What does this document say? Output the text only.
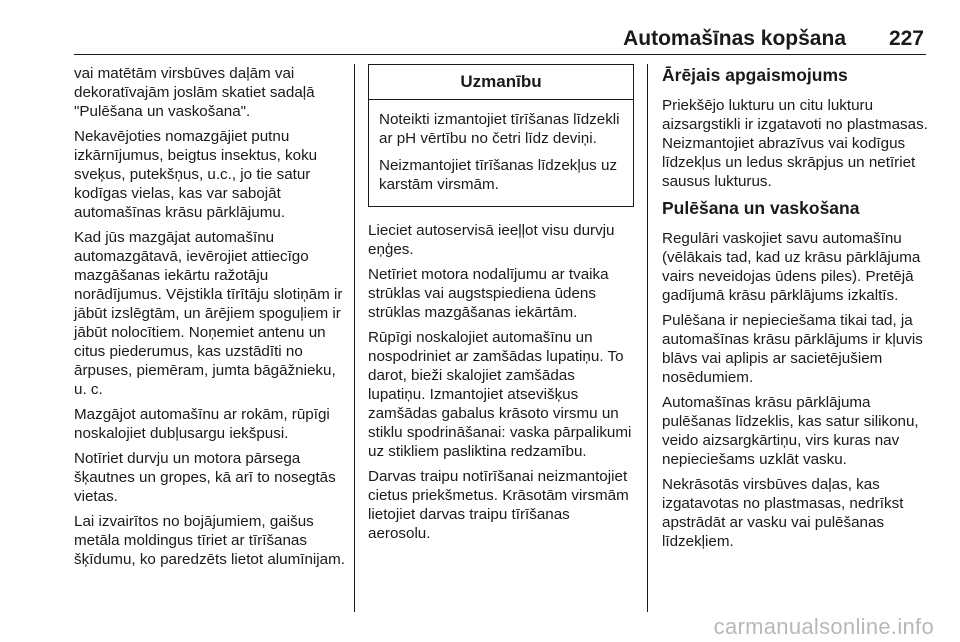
Automašīnas kopšana 227

vai matētām virsbūves daļām vai dekoratīvajām joslām skatiet sadaļā "Pulēšana un vaskošana".

Nekavējoties nomazgājiet putnu izkārnījumus, beigtus insektus, koku sveķus, putekšņus, u.c., jo tie satur kodīgas vielas, kas var sabojāt automašīnas krāsu pārklājumu.

Kad jūs mazgājat automašīnu automazgātavā, ievērojiet attiecīgo mazgāšanas iekārtu ražotāju norādījumus. Vējstikla tīrītāju slotiņām ir jābūt izslēgtām, un ārējiem spoguļiem ir jābūt nolocītiem. Noņemiet antenu un citus piederumus, kas uzstādīti no ārpuses, piemēram, jumta bāgāžnieku, u. c.

Mazgājot automašīnu ar rokām, rūpīgi noskalojiet dubļusargu iekšpusi.

Notīriet durvju un motora pārsega šķautnes un gropes, kā arī to nosegtās vietas.

Lai izvairītos no bojājumiem, gaišus metāla moldingus tīriet ar tīrīšanas šķīdumu, ko paredzēts lietot alumīnijam.

Uzmanību

Noteikti izmantojiet tīrīšanas līdzekli ar pH vērtību no četri līdz deviņi.

Neizmantojiet tīrīšanas līdzekļus uz karstām virsmām.

Lieciet autoservisā ieeļļot visu durvju eņģes.

Netīriet motora nodalījumu ar tvaika strūklas vai augstspiediena ūdens strūklas mazgāšanas iekārtām.

Rūpīgi noskalojiet automašīnu un nospodriniet ar zamšādas lupatiņu. To darot, bieži skalojiet zamšādas lupatiņu. Izmantojiet atsevišķus zamšādas gabalus krāsoto virsmu un stiklu spodrināšanai: vaska pārpalikumi uz stikliem pasliktina redzamību.

Darvas traipu notīrīšanai neizmantojiet cietus priekšmetus. Krāsotām virsmām lietojiet darvas traipu tīrīšanas aerosolu.

Ārējais apgaismojums

Priekšējo lukturu un citu lukturu aizsargstikli ir izgatavoti no plastmasas. Neizmantojiet abrazīvus vai kodīgus līdzekļus un ledus skrāpjus un netīriet sausus lukturus.

Pulēšana un vaskošana

Regulāri vaskojiet savu automašīnu (vēlākais tad, kad uz krāsu pārklājuma vairs neveidojas ūdens piles). Pretējā gadījumā krāsu pārklājums izkaltīs.

Pulēšana ir nepieciešama tikai tad, ja automašīnas krāsu pārklājums ir kļuvis blāvs vai aplipis ar sacietējušiem nosēdumiem.

Automašīnas krāsu pārklājuma pulēšanas līdzeklis, kas satur silikonu, veido aizsargkārtiņu, virs kuras nav nepieciešams uzklāt vasku.

Nekrāsotās virsbūves daļas, kas izgatavotas no plastmasas, nedrīkst apstrādāt ar vasku vai pulēšanas līdzekļiem.

carmanualsonline.info
